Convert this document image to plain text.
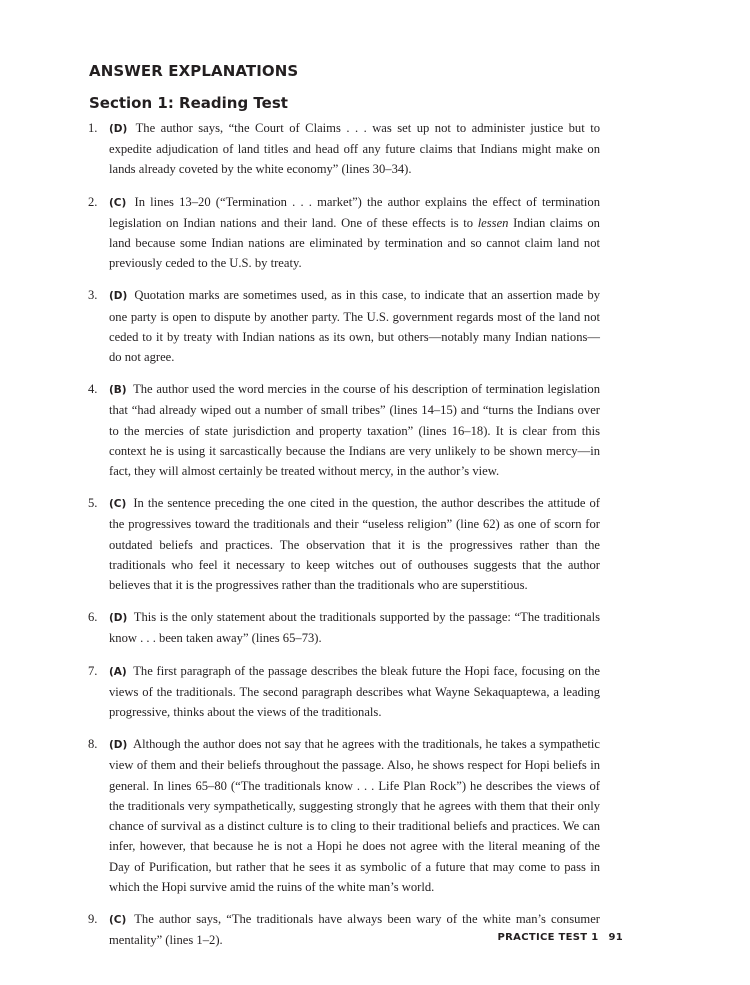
ANSWER EXPLANATIONS
Section 1: Reading Test
1. (D) The author says, “the Court of Claims . . . was set up not to administer justice but to expedite adjudication of land titles and head off any future claims that Indians might make on lands already coveted by the white economy” (lines 30–34).
2. (C) In lines 13–20 (“Termination . . . market”) the author explains the effect of termination legislation on Indian nations and their land. One of these effects is to lessen Indian claims on land because some Indian nations are eliminated by termination and so cannot claim land not previously ceded to the U.S. by treaty.
3. (D) Quotation marks are sometimes used, as in this case, to indicate that an assertion made by one party is open to dispute by another party. The U.S. government regards most of the land not ceded to it by treaty with Indian nations as its own, but others—notably many Indian nations—do not agree.
4. (B) The author used the word mercies in the course of his description of termination legislation that “had already wiped out a number of small tribes” (lines 14–15) and “turns the Indians over to the mercies of state jurisdiction and property taxation” (lines 16–18). It is clear from this context he is using it sarcastically because the Indians are very unlikely to be shown mercy—in fact, they will almost certainly be treated without mercy, in the author’s view.
5. (C) In the sentence preceding the one cited in the question, the author describes the attitude of the progressives toward the traditionals and their “useless religion” (line 62) as one of scorn for outdated beliefs and practices. The observation that it is the progressives rather than the traditionals who feel it necessary to keep witches out of outhouses suggests that the author believes that it is the progressives rather than the traditionals who are superstitious.
6. (D) This is the only statement about the traditionals supported by the passage: “The traditionals know . . . been taken away” (lines 65–73).
7. (A) The first paragraph of the passage describes the bleak future the Hopi face, focusing on the views of the traditionals. The second paragraph describes what Wayne Sekaquaptewa, a leading progressive, thinks about the views of the traditionals.
8. (D) Although the author does not say that he agrees with the traditionals, he takes a sympathetic view of them and their beliefs throughout the passage. Also, he shows respect for Hopi beliefs in general. In lines 65–80 (“The traditionals know . . . Life Plan Rock”) he describes the views of the traditionals very sympathetically, suggesting strongly that he agrees with them that their only chance of survival as a distinct culture is to cling to their traditional beliefs and practices. We can infer, however, that because he is not a Hopi he does not agree with the literal meaning of the Day of Purification, but rather that he sees it as symbolic of a future that may come to pass in which the Hopi survive amid the ruins of the white man’s world.
9. (C) The author says, “The traditionals have always been wary of the white man’s consumer mentality” (lines 1–2).	PRACTICE TEST 1 91
